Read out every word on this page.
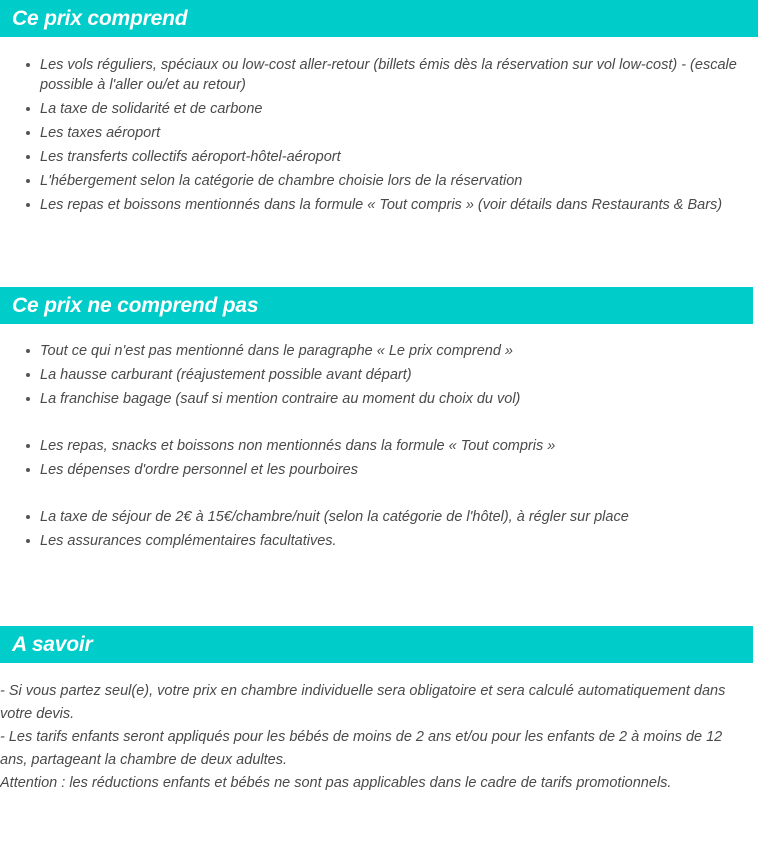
Ce prix comprend
Les vols réguliers, spéciaux ou low-cost aller-retour (billets émis dès la réservation sur vol low-cost) - (escale possible à l'aller ou/et au retour)
La taxe de solidarité et de carbone
Les taxes aéroport
Les transferts collectifs aéroport-hôtel-aéroport
L'hébergement selon la catégorie de chambre choisie lors de la réservation
Les repas et boissons mentionnés dans la formule « Tout compris » (voir détails dans Restaurants & Bars)
Ce prix ne comprend pas
Tout ce qui n'est pas mentionné dans le paragraphe « Le prix comprend »
La hausse carburant (réajustement possible avant départ)
La franchise bagage (sauf si mention contraire au moment du choix du vol)
Les repas, snacks et boissons non mentionnés dans la formule « Tout compris »
Les dépenses d'ordre personnel et les pourboires
La taxe de séjour de 2€ à 15€/chambre/nuit (selon la catégorie de l'hôtel), à régler sur place
Les assurances complémentaires facultatives.
A savoir

- Si vous partez seul(e), votre prix en chambre individuelle sera obligatoire et sera calculé automatiquement dans votre devis.

- Les tarifs enfants seront appliqués pour les bébés de moins de 2 ans et/ou pour les enfants de 2 à moins de 12 ans, partageant la chambre de deux adultes.

Attention : les réductions enfants et bébés ne sont pas applicables dans le cadre de tarifs promotionnels.
